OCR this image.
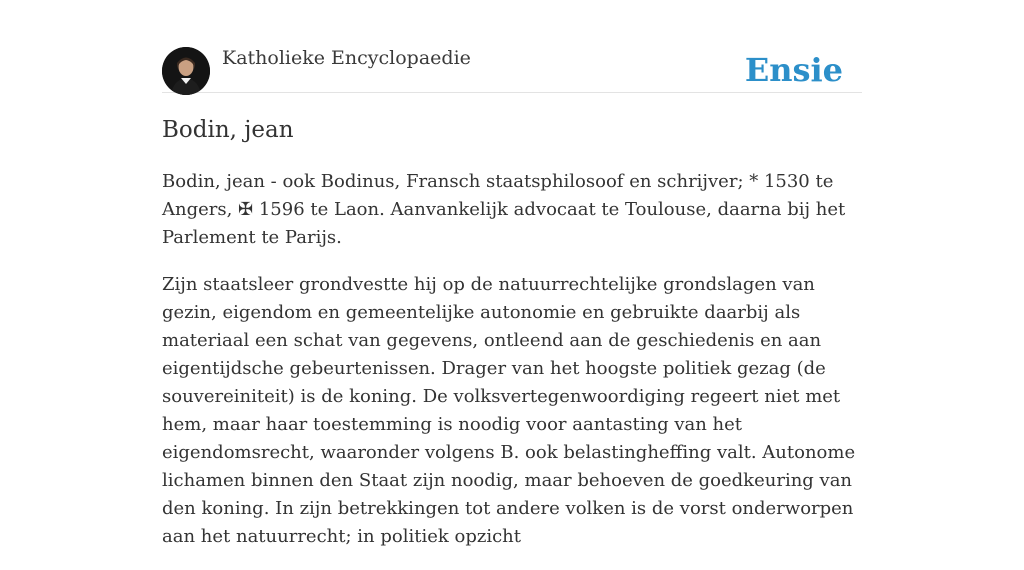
Katholieke Encyclopaedie	Ensie
Bodin, jean

Bodin, jean - ook Bodinus, Fransch staatsphilosoof en schrijver; * 1530 te Angers, ✠ 1596 te Laon. Aanvankelijk advocaat te Toulouse, daarna bij het Parlement te Parijs.

Zijn staatsleer grondvestte hij op de natuurrechtelijke grondslagen van gezin, eigendom en gemeentelijke autonomie en gebruikte daarbij als materiaal een schat van gegevens, ontleend aan de geschiedenis en aan eigentijdsche gebeurtenissen. Drager van het hoogste politiek gezag (de souvereiniteit) is de koning. De volksvertegenwoordiging regeert niet met hem, maar haar toestemming is noodig voor aantasting van het eigendomsrecht, waaronder volgens B. ook belastingheffing valt. Autonome lichamen binnen den Staat zijn noodig, maar behoeven de goedkeuring van den koning. In zijn betrekkingen tot andere volken is de vorst onderworpen aan het natuurrecht; in politiek opzicht
